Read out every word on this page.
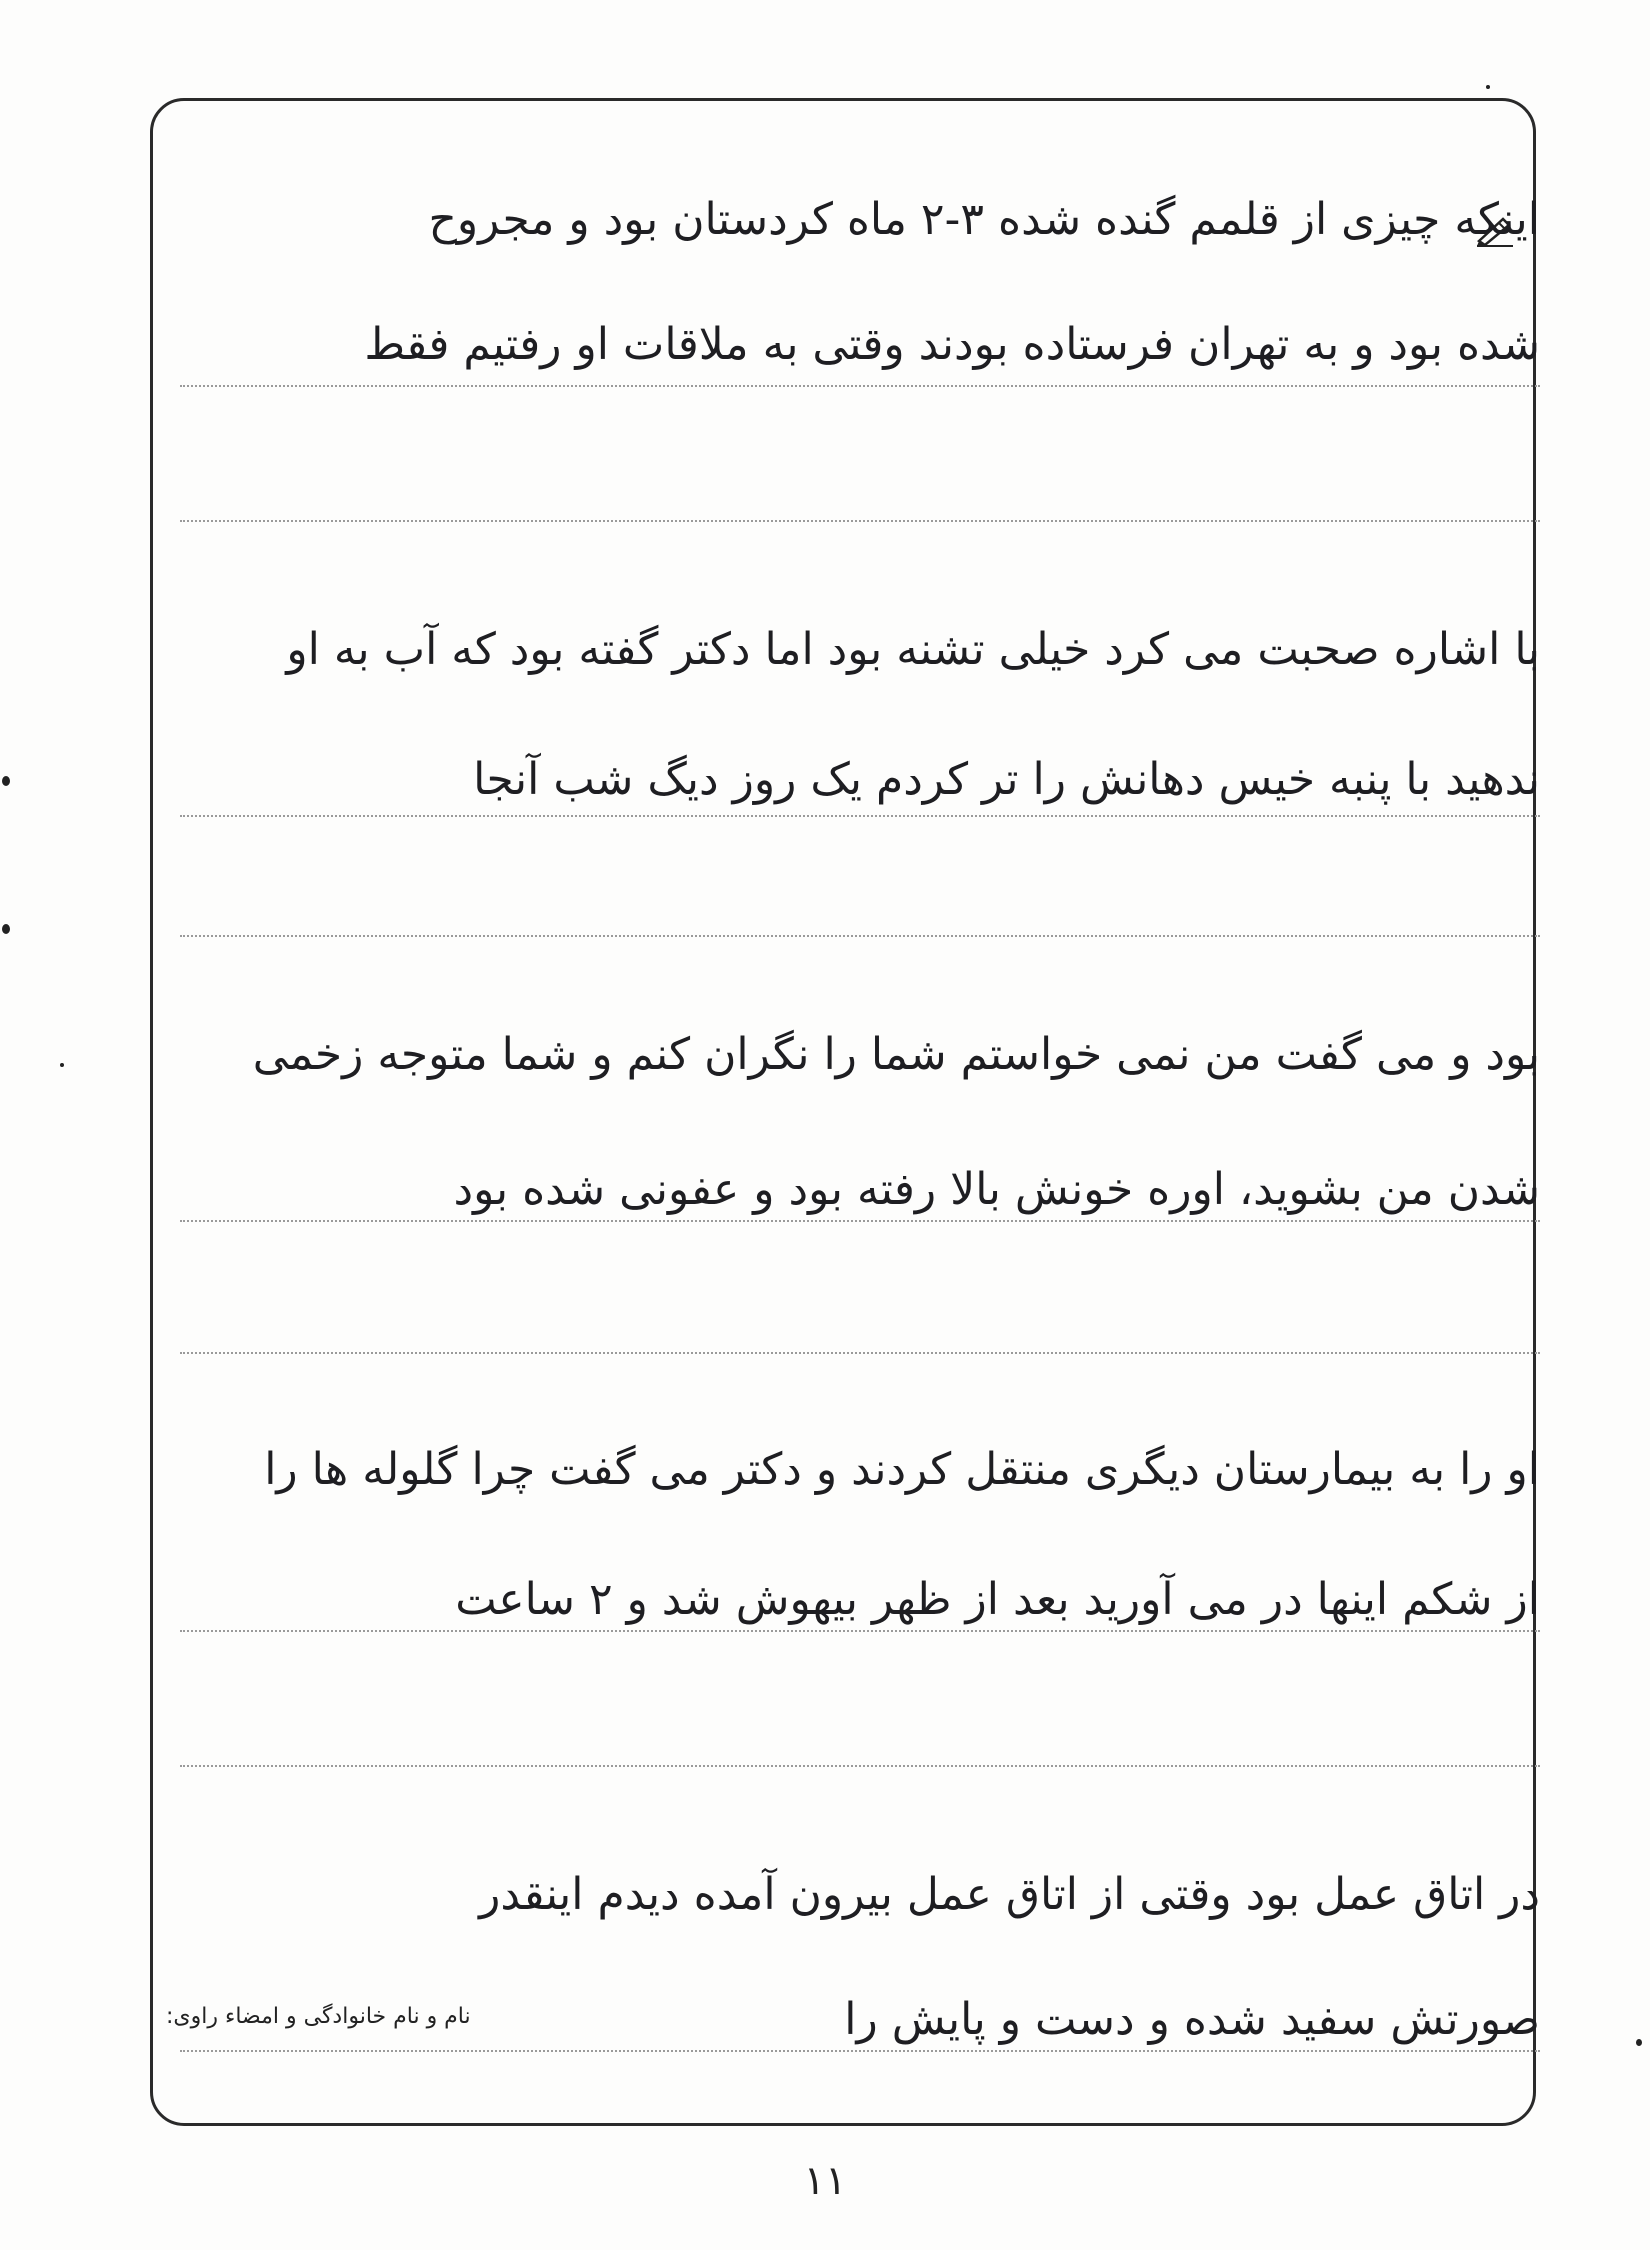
اینکه چیزی از قلمم گنده شده ۳-۲ ماه کردستان بود و مجروح
شده بود و به تهران فرستاده بودند وقتی به ملاقات او رفتیم فقط
با اشاره صحبت می کرد خیلی تشنه بود اما دکتر گفته بود که آب به او
ندهید با پنبه خیس دهانش را تر کردم یک روز دیگ شب آنجا
بود و می گفت من نمی خواستم شما را نگران کنم و شما متوجه زخمی
شدن من بشوید، اوره خونش بالا رفته بود و عفونی شده بود
او را به بیمارستان دیگری منتقل کردند و دکتر می گفت چرا گلوله ها را
از شکم اینها در می آورید بعد از ظهر بیهوش شد و ۲ ساعت
در اتاق عمل بود وقتی از اتاق عمل بیرون آمده دیدم اینقدر
صورتش سفید شده و دست و پایش را
نام و نام خانوادگی و امضاء راوی:
۱۱
